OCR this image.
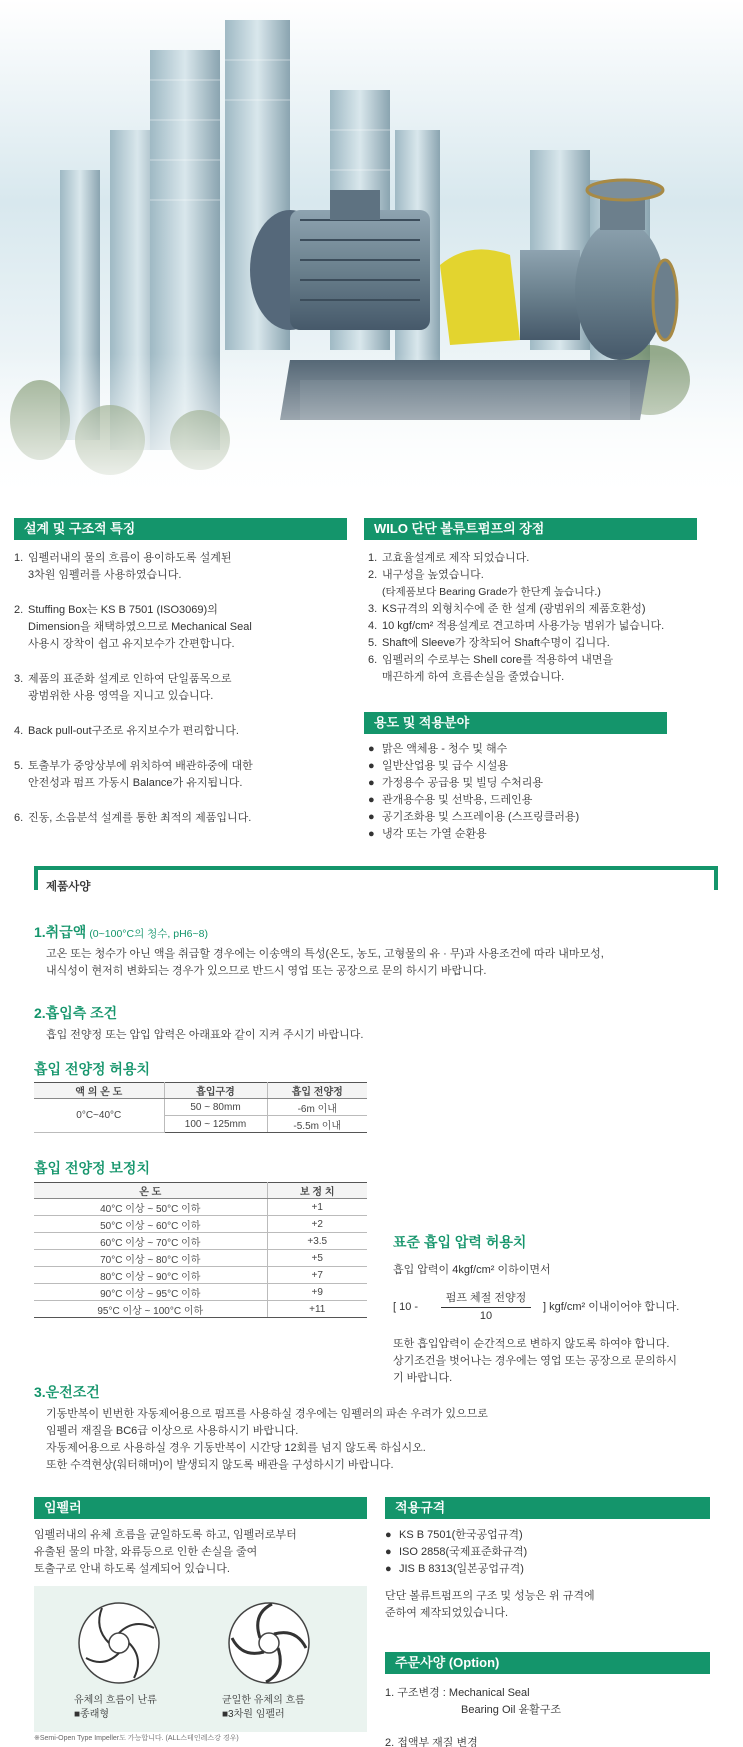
설계 및 구조적 특징
1. 임펠러내의 물의 흐름이 용이하도록 설계된
3차원 임펠러를 사용하였습니다.
2. Stuffing Box는 KS B 7501 (ISO3069)의
Dimension을 채택하였으므로 Mechanical Seal
사용시 장착이 쉽고 유지보수가 간편합니다.
3. 제품의 표준화 설계로 인하여 단일품목으로
광범위한 사용 영역을 지니고 있습니다.
4. Back pull-out구조로 유지보수가 편리합니다.
5. 토출부가 중앙상부에 위치하여 배관하중에 대한
안전성과 펌프 가동시 Balance가 유지됩니다.
6. 진동, 소음분석 설계를 통한 최적의 제품입니다.
WILO 단단 볼류트펌프의 장점
1. 고효율설계로 제작 되었습니다.
2. 내구성을 높였습니다.
(타제품보다 Bearing Grade가 한단계 높습니다.)
3. KS규격의 외형치수에 준 한 설계 (광범위의 제품호환성)
4. 10 kgf/cm² 적용설계로 견고하며 사용가능 범위가 넓습니다.
5. Shaft에 Sleeve가 장착되어 Shaft수명이 깁니다.
6. 임펠러의 수로부는 Shell core를 적용하여 내면을
매끈하게 하여 흐름손실을 줄였습니다.
용도 및 적용분야
● 맑은 액체용 - 청수 및 해수
● 일반산업용 및 급수 시설용
● 가정용수 공급용 및 빌딩 수처리용
● 관개용수용 및 선박용, 드레인용
● 공기조화용 및 스프레이용 (스프링클러용)
● 냉각 또는 가열 순환용
제품사양
1.취급액 (0~100°C의 청수, pH6~8)
고온 또는 청수가 아닌 액을 취급할 경우에는 이송액의 특성(온도, 농도, 고형물의 유 · 무)과 사용조건에 따라 내마모성,
내식성이 현저히 변화되는 경우가 있으므로 반드시 영업 또는 공장으로 문의 하시기 바랍니다.
2.흡입측 조건
흡입 전양정 또는 압입 압력은 아래표와 같이 지켜 주시기 바랍니다.
흡입 전양정 허용치
액 의 온 도	흡입구경	흡입 전양정
0°C~40°C	50 ~ 80mm	-6m 이내
	100 ~ 125mm	-5.5m 이내
흡입 전양정 보정치
온 도	보 정 치
40°C 이상 ~ 50°C 이하	+1
50°C 이상 ~ 60°C 이하	+2
60°C 이상 ~ 70°C 이하	+3.5
70°C 이상 ~ 80°C 이하	+5
80°C 이상 ~ 90°C 이하	+7
90°C 이상 ~ 95°C 이하	+9
95°C 이상 ~ 100°C 이하	+11
표준 흡입 압력 허용치
흡입 압력이 4kgf/cm² 이하이면서
[ 10 -
펌프 체절 전양정
10
] kgf/cm² 이내이어야 합니다.
또한 흡입압력이 순간적으로 변하지 않도록 하여야 합니다.
상기조건을 벗어나는 경우에는 영업 또는 공장으로 문의하시
기 바랍니다.
3.운전조건
기동반복이 빈번한 자동제어용으로 펌프를 사용하실 경우에는 임펠러의 파손 우려가 있으므로
임펠러 재질을 BC6급 이상으로 사용하시기 바랍니다.
자동제어용으로 사용하실 경우 기동반복이 시간당 12회를 넘지 않도록 하십시오.
또한 수격현상(워터해머)이 발생되지 않도록 배관을 구성하시기 바랍니다.
임펠러
임펠러내의 유체 흐름을 균일하도록 하고, 임펠러로부터
유출된 물의 마찰, 와류등으로 인한 손실을 줄여
토출구로 안내 하도록 설계되어 있습니다.
유체의 흐름이 난류
■종래형
균일한 유체의 흐름
■3차원 임펠러
※Semi-Open Type Impeller도 가능합니다. (ALL스테인레스강 경우)
적용규격
● KS B 7501(한국공업규격)
● ISO 2858(국제표준화규격)
● JIS B 8313(일본공업규격)
단단 볼류트펌프의 구조 및 성능은 위 규격에
준하여 제작되었있습니다.
주문사양 (Option)
1. 구조변경 : Mechanical Seal
Bearing Oil 윤활구조
2. 접액부 재질 변경
